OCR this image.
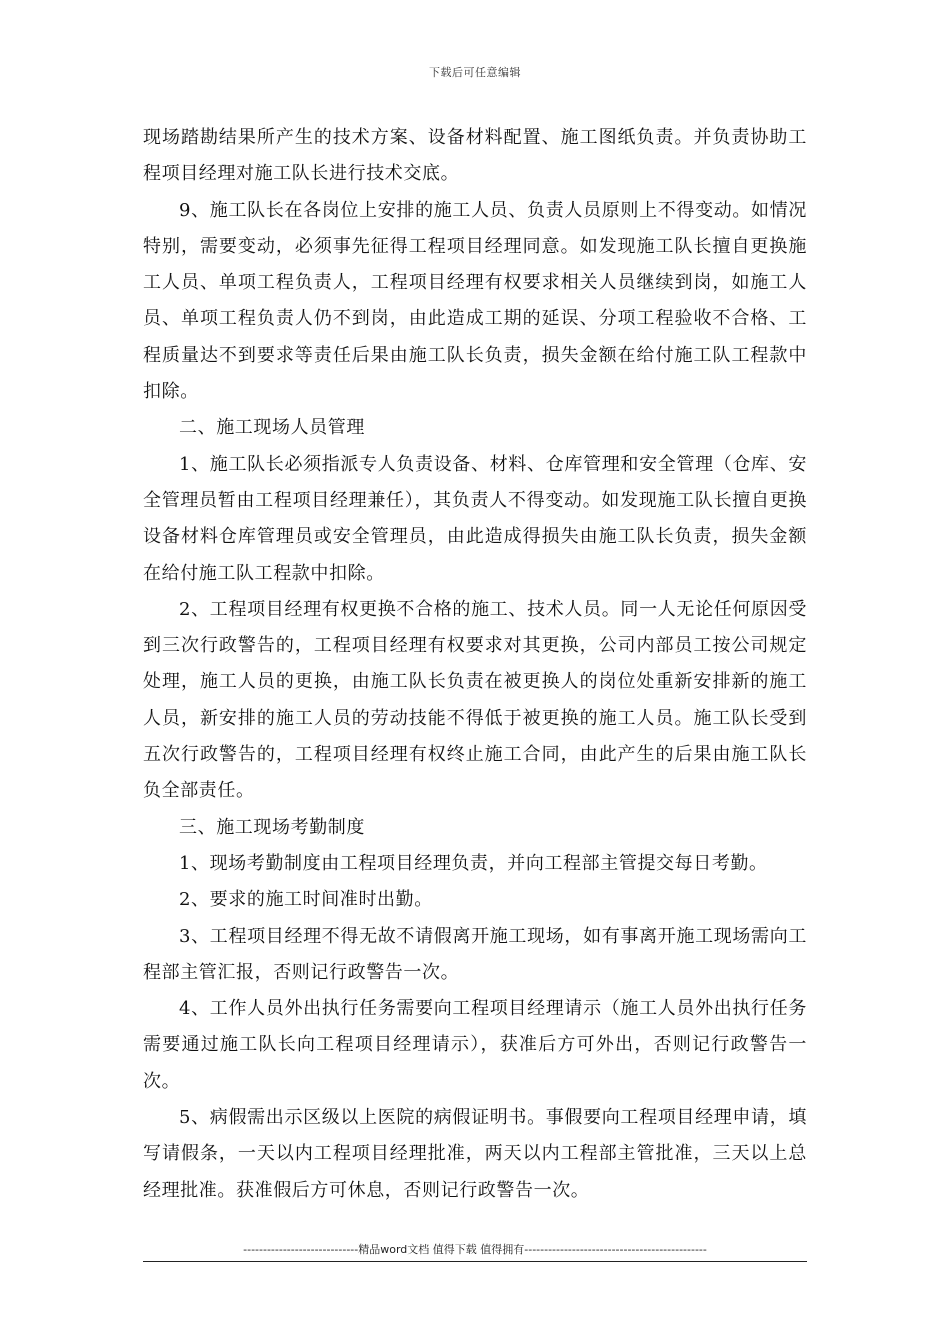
下载后可任意编辑

现场踏勘结果所产生的技术方案、设备材料配置、施工图纸负责。并负责协助工程项目经理对施工队长进行技术交底。

9、施工队长在各岗位上安排的施工人员、负责人员原则上不得变动。如情况特别，需要变动，必须事先征得工程项目经理同意。如发现施工队长擅自更换施工人员、单项工程负责人，工程项目经理有权要求相关人员继续到岗，如施工人员、单项工程负责人仍不到岗，由此造成工期的延误、分项工程验收不合格、工程质量达不到要求等责任后果由施工队长负责，损失金额在给付施工队工程款中扣除。

二、施工现场人员管理

1、施工队长必须指派专人负责设备、材料、仓库管理和安全管理（仓库、安全管理员暂由工程项目经理兼任），其负责人不得变动。如发现施工队长擅自更换设备材料仓库管理员或安全管理员，由此造成得损失由施工队长负责，损失金额在给付施工队工程款中扣除。

2、工程项目经理有权更换不合格的施工、技术人员。同一人无论任何原因受到三次行政警告的，工程项目经理有权要求对其更换，公司内部员工按公司规定处理，施工人员的更换，由施工队长负责在被更换人的岗位处重新安排新的施工人员，新安排的施工人员的劳动技能不得低于被更换的施工人员。施工队长受到五次行政警告的，工程项目经理有权终止施工合同，由此产生的后果由施工队长负全部责任。

三、施工现场考勤制度

1、现场考勤制度由工程项目经理负责，并向工程部主管提交每日考勤。

2、要求的施工时间准时出勤。

3、工程项目经理不得无故不请假离开施工现场，如有事离开施工现场需向工程部主管汇报，否则记行政警告一次。

4、工作人员外出执行任务需要向工程项目经理请示（施工人员外出执行任务需要通过施工队长向工程项目经理请示），获准后方可外出，否则记行政警告一次。

5、病假需出示区级以上医院的病假证明书。事假要向工程项目经理申请，填写请假条，一天以内工程项目经理批准，两天以内工程部主管批准，三天以上总经理批准。获准假后方可休息，否则记行政警告一次。

-----------------------------精品word文档 值得下载 值得拥有----------------------------------------------
